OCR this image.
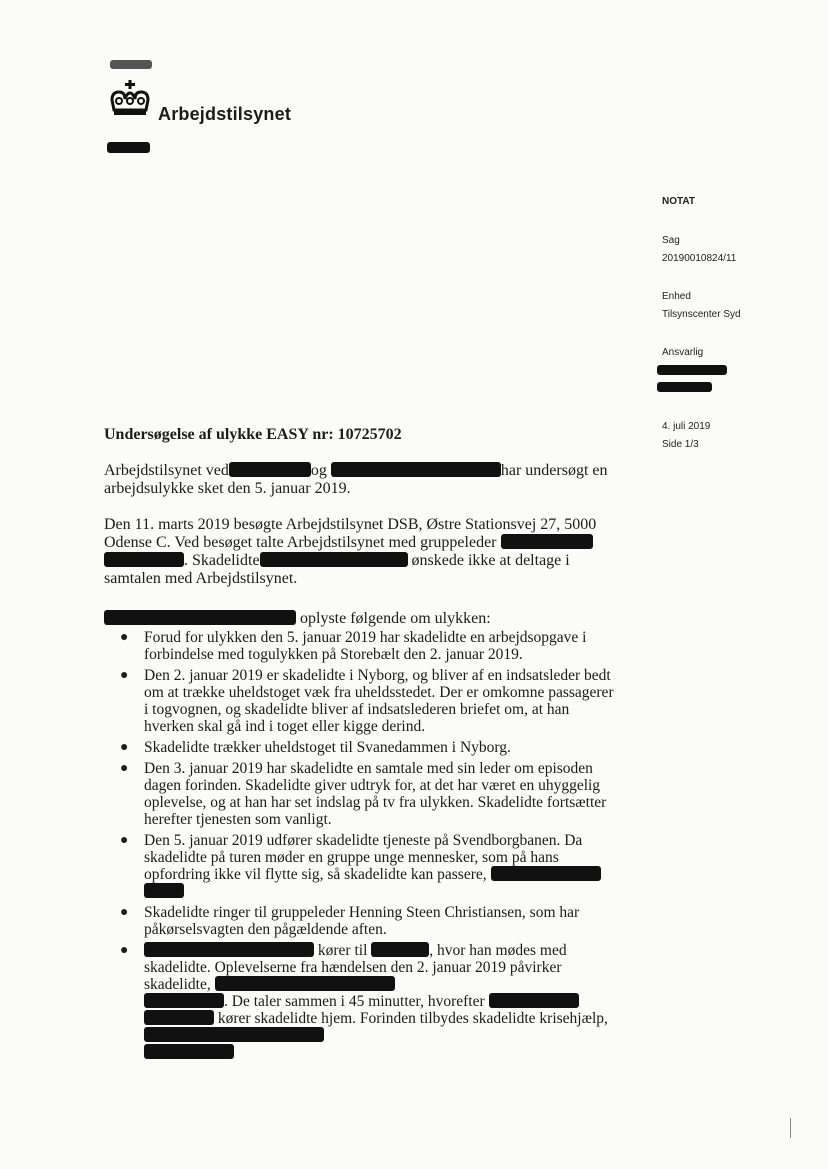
Arbejdstilsynet
NOTAT
Sag
20190010824/11
Enhed
Tilsynscenter Syd
Ansvarlig
4. juli 2019
Side 1/3
Undersøgelse af ulykke EASY nr: 10725702
Arbejdstilsynet ved	og	har undersøgt en arbejdsulykke sket den 5. januar 2019.
Den 11. marts 2019 besøgte Arbejdstilsynet DSB, Østre Stationsvej 27, 5000 Odense C. Ved besøget talte Arbejdstilsynet med gruppeleder  . Skadelidte	ønskede ikke at deltage i samtalen med Arbejdstilsynet.
oplyste følgende om ulykken:
● Forud for ulykken den 5. januar 2019 har skadelidte en arbejdsopgave i forbindelse med togulykken på Storebælt den 2. januar 2019.
● Den 2. januar 2019 er skadelidte i Nyborg, og bliver af en indsatsleder bedt om at trække uheldstoget væk fra uheldsstedet. Der er omkomne passagerer i togvognen, og skadelidte bliver af indsatslederen briefet om, at han hverken skal gå ind i toget eller kigge derind.
● Skadelidte trækker uheldstoget til Svanedammen i Nyborg.
● Den 3. januar 2019 har skadelidte en samtale med sin leder om episoden dagen forinden. Skadelidte giver udtryk for, at det har været en uhyggelig oplevelse, og at han har set indslag på tv fra ulykken. Skadelidte fortsætter herefter tjenesten som vanligt.
● Den 5. januar 2019 udfører skadelidte tjeneste på Svendborgbanen. Da skadelidte på turen møder en gruppe unge mennesker, som på hans opfordring ikke vil flytte sig, så skadelidte kan passere,

● Skadelidte ringer til gruppeleder Henning Steen Christiansen, som har påkørselsvagten den pågældende aften.
●	kører til	, hvor han mødes med skadelidte. Oplevelserne fra hændelsen den 2. januar 2019 påvirker skadelidte,
. De taler sammen i 45 minutter, hvorefter
kører skadelidte hjem. Forinden tilbydes skadelidte krisehjælp,
